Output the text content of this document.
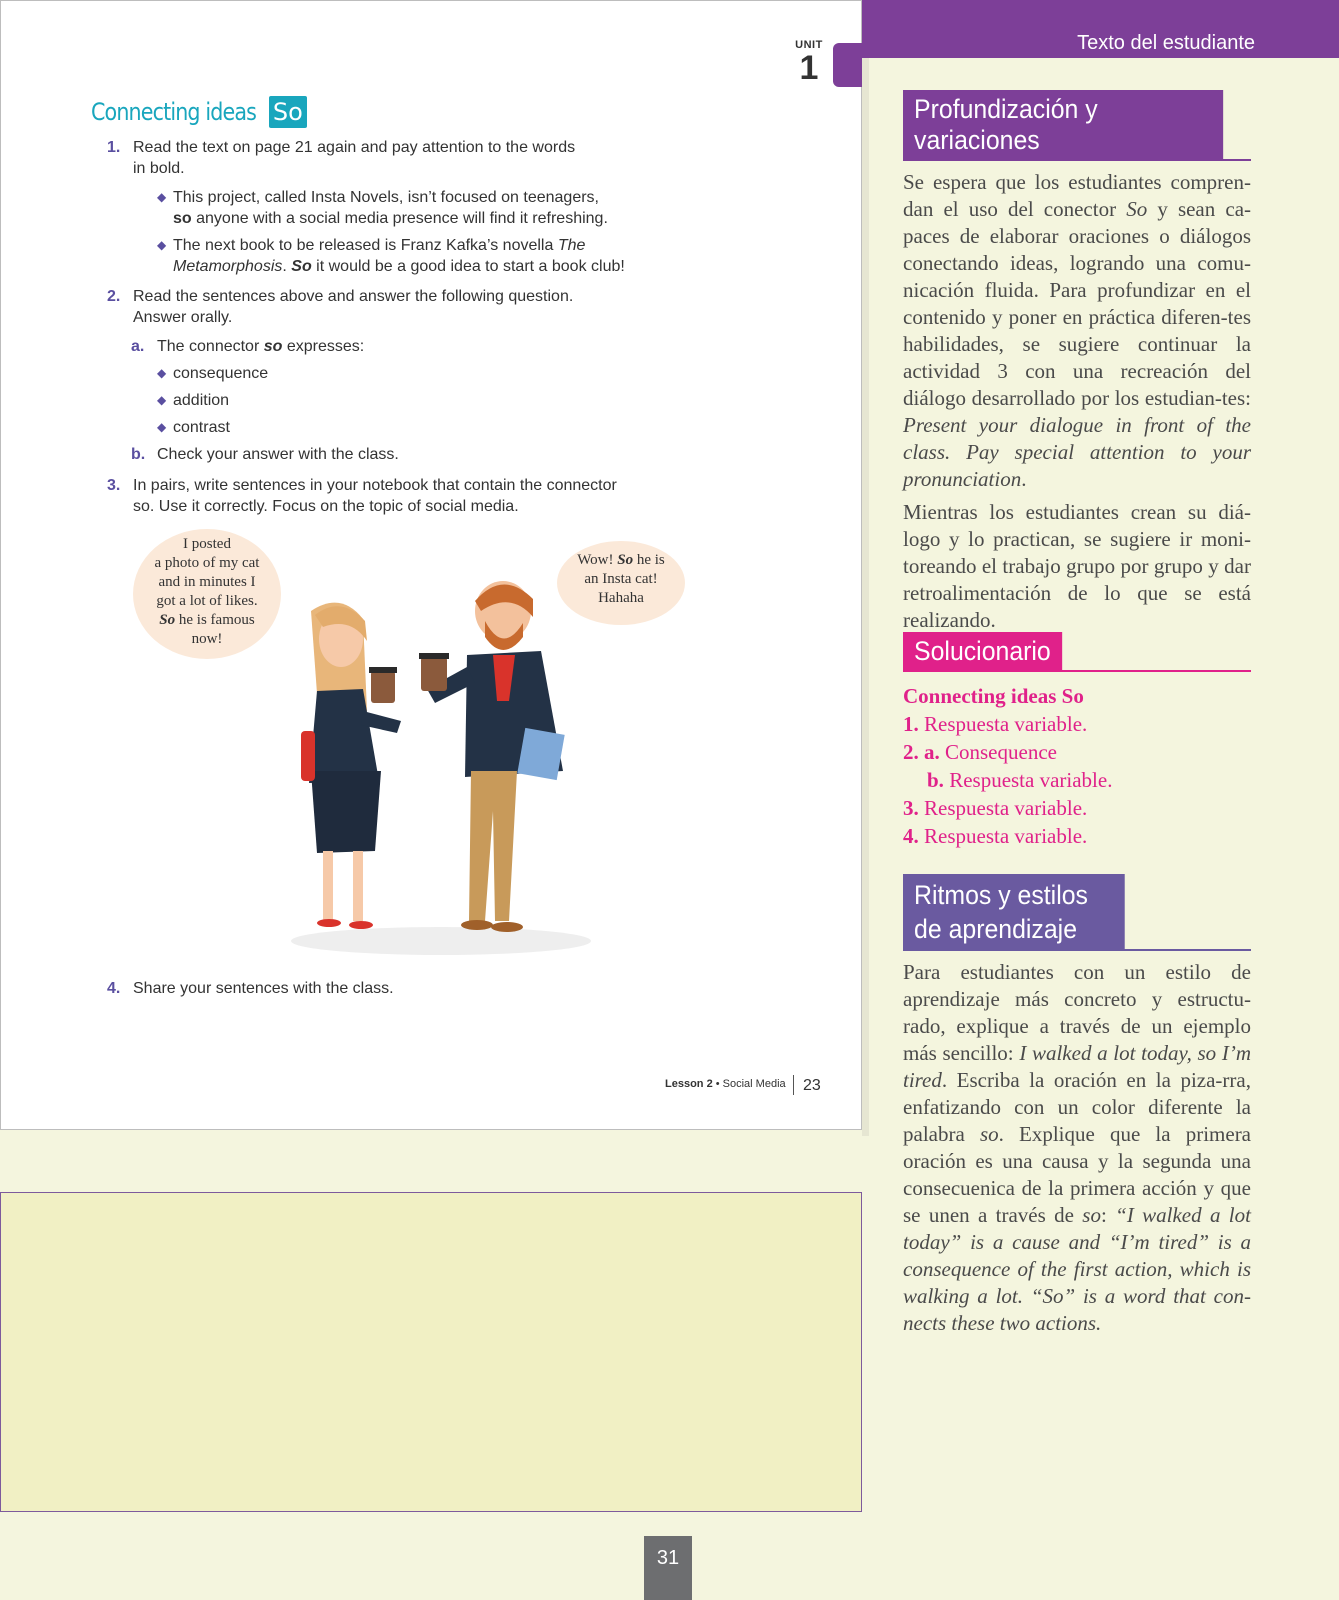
UNIT
1
Connecting ideas So
1. Read the text on page 21 again and pay attention to the words
in bold.
◆ This project, called Insta Novels, isn’t focused on teenagers,
so anyone with a social media presence will find it refreshing.
◆ The next book to be released is Franz Kafka’s novella The
Metamorphosis. So it would be a good idea to start a book club!
2. Read the sentences above and answer the following question.
Answer orally.
a. The connector so expresses:
◆ consequence
◆ addition
◆ contrast
b. Check your answer with the class.
3. In pairs, write sentences in your notebook that contain the connector
so. Use it correctly. Focus on the topic of social media.
I posted
a photo of my cat
and in minutes I
got a lot of likes.
So he is famous
now!
Wow! So he is
an Insta cat!
Hahaha
4. Share your sentences with the class.
Lesson 2 • Social Media 23
31
Texto del estudiante
Profundización y variaciones

Se espera que los estudiantes compren-dan el uso del conector So y sean ca-paces de elaborar oraciones o diálogos conectando ideas, logrando una comu-nicación fluida. Para profundizar en el contenido y poner en práctica diferen-tes habilidades, se sugiere continuar la actividad 3 con una recreación del diálogo desarrollado por los estudian-tes: Present your dialogue in front of the class. Pay special attention to your pronunciation.

Mientras los estudiantes crean su diá-logo y lo practican, se sugiere ir moni-toreando el trabajo grupo por grupo y dar retroalimentación de lo que se está realizando.

Solucionario
Connecting ideas So
1. Respuesta variable.
2. a. Consequence
b. Respuesta variable.
3. Respuesta variable.
4. Respuesta variable.
Ritmos y estilos
de aprendizaje

Para estudiantes con un estilo de aprendizaje más concreto y estructu-rado, explique a través de un ejemplo más sencillo: I walked a lot today, so I’m tired. Escriba la oración en la piza-rra, enfatizando con un color diferente la palabra so. Explique que la primera oración es una causa y la segunda una consecuenica de la primera acción y que se unen a través de so: “I walked a lot today” is a cause and “I’m tired” is a consequence of the first action, which is walking a lot. “So” is a word that con-nects these two actions.
